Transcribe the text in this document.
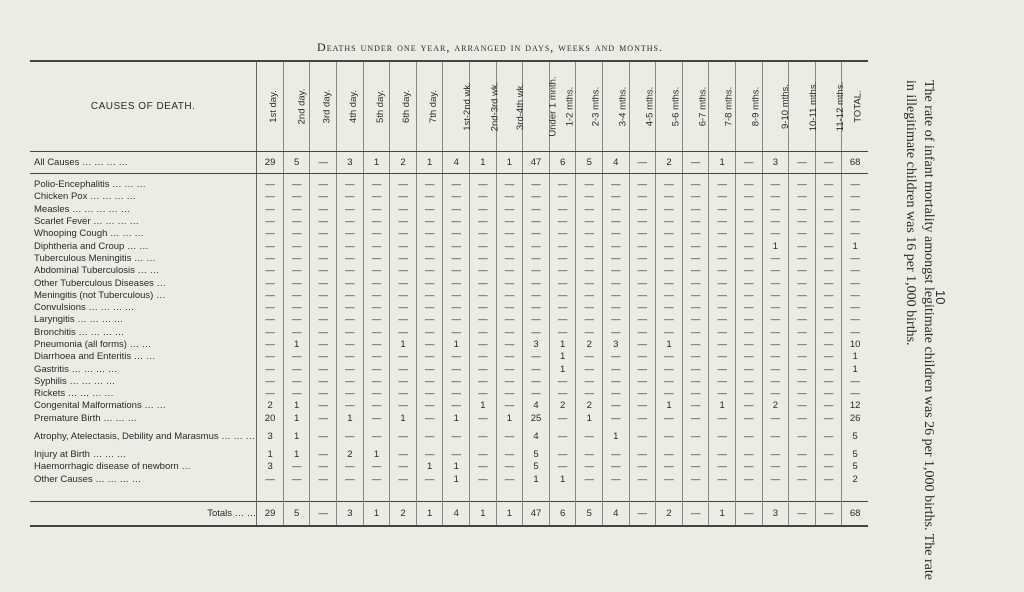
10
The rate of infant mortality amongst legitimate children was 26 per 1,000 births. The rate in illegitimate children was 16 per 1,000 births.
Deaths under one year, arranged in days, weeks and months.
CAUSES OF DEATH.	1st day.	2nd day.	3rd day.	4th day.	5th day.	6th day.	7th day.	1st-2nd wk.	2nd-3rd wk.	3rd-4th wk.	Under 1 mnth.	1-2 mths.	2-3 mths.	3-4 mths.	4-5 mths.	5-6 mths.	6-7 mths.	7-8 mths.	8-9 mths.	9-10 mths.	10-11 mths.	11-12 mths.	TOTAL.
All Causes … … … …	29	5	—	3	1	2	1	4	1	1	47	6	5	4	—	2	—	1	—	3	—	—	68

Polio-Encephalitis … … …	—	—	—	—	—	—	—	—	—	—	—	—	—	—	—	—	—	—	—	—	—	—	—
Chicken Pox … … … …	—	—	—	—	—	—	—	—	—	—	—	—	—	—	—	—	—	—	—	—	—	—	—
Measles … … … … …	—	—	—	—	—	—	—	—	—	—	—	—	—	—	—	—	—	—	—	—	—	—	—
Scarlet Fever … … … …	—	—	—	—	—	—	—	—	—	—	—	—	—	—	—	—	—	—	—	—	—	—	—
Whooping Cough … … …	—	—	—	—	—	—	—	—	—	—	—	—	—	—	—	—	—	—	—	—	—	—	—
Diphtheria and Croup … …	—	—	—	—	—	—	—	—	—	—	—	—	—	—	—	—	—	—	—	1	—	—	1
Tuberculous Meningitis … …	—	—	—	—	—	—	—	—	—	—	—	—	—	—	—	—	—	—	—	—	—	—	—
Abdominal Tuberculosis … …	—	—	—	—	—	—	—	—	—	—	—	—	—	—	—	—	—	—	—	—	—	—	—
Other Tuberculous Diseases …	—	—	—	—	—	—	—	—	—	—	—	—	—	—	—	—	—	—	—	—	—	—	—
Meningitis (not Tuberculous) …	—	—	—	—	—	—	—	—	—	—	—	—	—	—	—	—	—	—	—	—	—	—	—
Convulsions … … … …	—	—	—	—	—	—	—	—	—	—	—	—	—	—	—	—	—	—	—	—	—	—	—
Laryngitis … … … …	—	—	—	—	—	—	—	—	—	—	—	—	—	—	—	—	—	—	—	—	—	—	—
Bronchitis … … … …	—	—	—	—	—	—	—	—	—	—	—	—	—	—	—	—	—	—	—	—	—	—	—
Pneumonia (all forms) … …	—	1	—	—	—	1	—	1	—	—	3	1	2	3	—	1	—	—	—	—	—	—	10
Diarrhoea and Enteritis … …	—	—	—	—	—	—	—	—	—	—	—	1	—	—	—	—	—	—	—	—	—	—	1
Gastritis … … … …	—	—	—	—	—	—	—	—	—	—	—	1	—	—	—	—	—	—	—	—	—	—	1
Syphilis … … … …	—	—	—	—	—	—	—	—	—	—	—	—	—	—	—	—	—	—	—	—	—	—	—
Rickets … … … …	—	—	—	—	—	—	—	—	—	—	—	—	—	—	—	—	—	—	—	—	—	—	—
Congenital Malformations … …	2	1	—	—	—	—	—	—	1	—	4	2	2	—	—	1	—	1	—	2	—	—	12
Premature Birth … … …	20	1	—	1	—	1	—	1	—	1	25	—	1	—	—	—	—	—	—	—	—	—	26
Atrophy, Atelectasis, Debility and Marasmus … … …	3	1	—	—	—	—	—	—	—	—	4	—	—	1	—	—	—	—	—	—	—	—	5
Injury at Birth … … …	1	1	—	2	1	—	—	—	—	—	5	—	—	—	—	—	—	—	—	—	—	—	5
Haemorrhagic disease of newborn …	3	—	—	—	—	—	1	1	—	—	5	—	—	—	—	—	—	—	—	—	—	—	5
Other Causes … … … …	—	—	—	—	—	—	—	1	—	—	1	1	—	—	—	—	—	—	—	—	—	—	2

Totals … …	29	5	—	3	1	2	1	4	1	1	47	6	5	4	—	2	—	1	—	3	—	—	68
